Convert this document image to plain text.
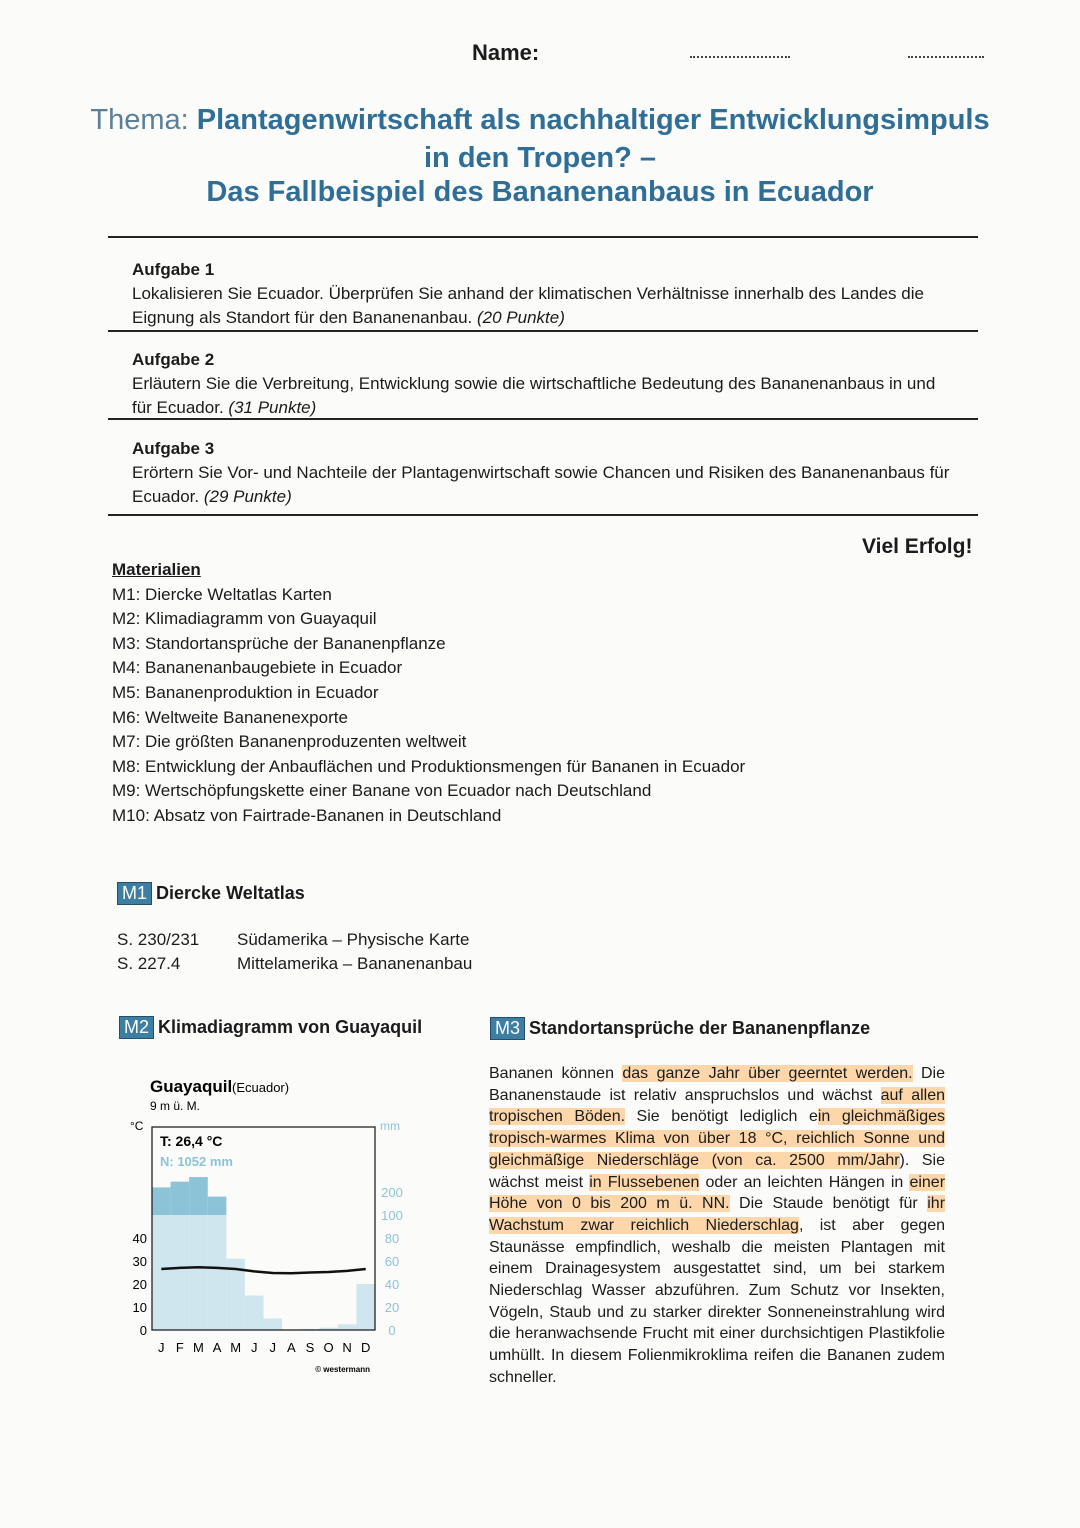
Name:
Thema: Plantagenwirtschaft als nachhaltiger Entwicklungsimpuls
in den Tropen? –
Das Fallbeispiel des Bananenanbaus in Ecuador
Aufgabe 1
Lokalisieren Sie Ecuador. Überprüfen Sie anhand der klimatischen Verhältnisse innerhalb des Landes die Eignung als Standort für den Bananenanbau. (20 Punkte)
Aufgabe 2
Erläutern Sie die Verbreitung, Entwicklung sowie die wirtschaftliche Bedeutung des Bananenanbaus in und für Ecuador. (31 Punkte)
Aufgabe 3
Erörtern Sie Vor- und Nachteile der Plantagenwirtschaft sowie Chancen und Risiken des Bananenanbaus für Ecuador. (29 Punkte)
Viel Erfolg!
Materialien
M1: Diercke Weltatlas Karten
M2: Klimadiagramm von Guayaquil
M3: Standortansprüche der Bananenpflanze
M4: Bananenanbaugebiete in Ecuador
M5: Bananenproduktion in Ecuador
M6: Weltweite Bananenexporte
M7: Die größten Bananenproduzenten weltweit
M8: Entwicklung der Anbauflächen und Produktionsmengen für Bananen in Ecuador
M9: Wertschöpfungskette einer Banane von Ecuador nach Deutschland
M10: Absatz von Fairtrade-Bananen in Deutschland
M1 Diercke Weltatlas
S. 230/231 Südamerika – Physische Karte
S. 227.4	Mittelamerika – Bananenanbau
M2 Klimadiagramm von Guayaquil
Guayaquil (Ecuador)
9 m ü. M.
°C	mm
0
10
20
30
40
0
20
40
60
80
100
200
J F M A M J J A S O N D
T: 26,4 °C
N: 1052 mm
© westermann
M3 Standortansprüche der Bananenpflanze
Bananen können das ganze Jahr über geerntet werden. Die Bananenstaude ist relativ anspruchslos und wächst auf allen tropischen Böden. Sie benötigt lediglich ein gleichmäßiges tropisch-warmes Klima von über 18 °C, reichlich Sonne und gleichmäßige Niederschläge (von ca. 2500 mm/Jahr). Sie wächst meist in Flussebenen oder an leichten Hängen in einer Höhe von 0 bis 200 m ü. NN. Die Staude benötigt für ihr Wachstum zwar reichlich Niederschlag, ist aber gegen Staunässe empfindlich, weshalb die meisten Plantagen mit einem Drainagesystem ausgestattet sind, um bei starkem Niederschlag Wasser abzuführen. Zum Schutz vor Insekten, Vögeln, Staub und zu starker direkter Sonneneinstrahlung wird die heranwachsende Frucht mit einer durchsichtigen Plastikfolie umhüllt. In diesem Folienmikroklima reifen die Bananen zudem schneller.
